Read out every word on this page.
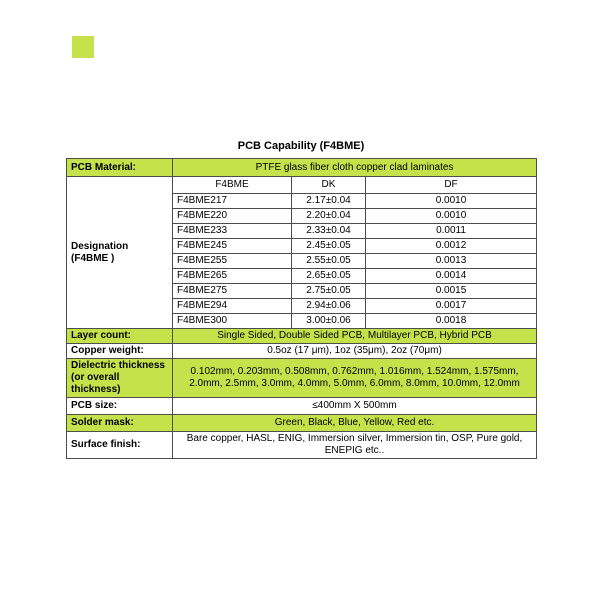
PCB Capability (F4BME)
PCB Material:	PTFE glass fiber cloth copper clad laminates		
Designation (F4BME )	F4BME	DK	DF
	F4BME217	2.17±0.04	0.0010
	F4BME220	2.20±0.04	0.0010
	F4BME233	2.33±0.04	0.0011
	F4BME245	2.45±0.05	0.0012
	F4BME255	2.55±0.05	0.0013
	F4BME265	2.65±0.05	0.0014
	F4BME275	2.75±0.05	0.0015
	F4BME294	2.94±0.06	0.0017
	F4BME300	3.00±0.06	0.0018
Layer count:	Single Sided, Double Sided PCB, Multilayer PCB, Hybrid PCB		
Copper weight:	0.5oz (17 μm), 1oz (35μm), 2oz (70μm)		
Dielectric thickness (or overall thickness)	0.102mm, 0.203mm, 0.508mm, 0.762mm, 1.016mm, 1.524mm, 1.575mm, 2.0mm, 2.5mm, 3.0mm, 4.0mm, 5.0mm, 6.0mm, 8.0mm, 10.0mm, 12.0mm		
PCB size:	≤400mm X 500mm		
Solder mask:	Green, Black, Blue, Yellow, Red etc.		
Surface finish:	Bare copper, HASL, ENIG, Immersion silver, Immersion tin, OSP, Pure gold, ENEPIG etc..		
